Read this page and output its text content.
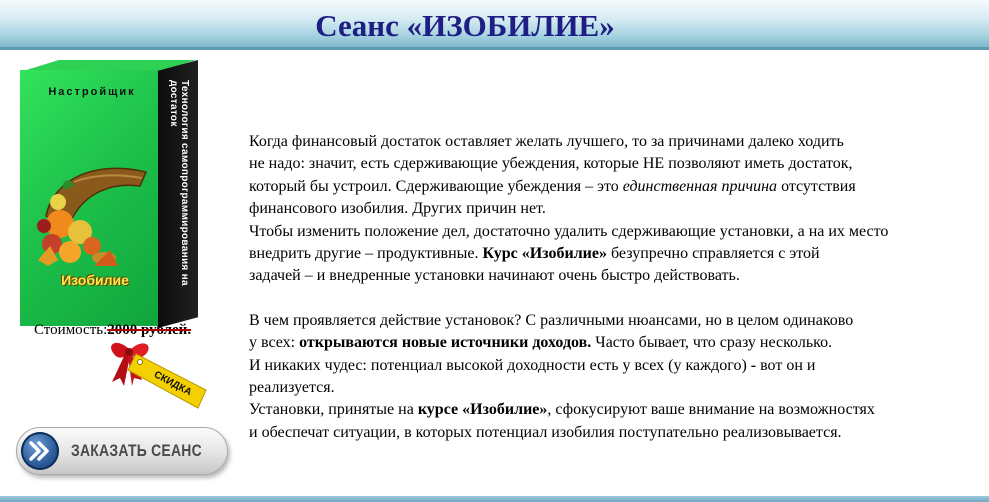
Сеанс «ИЗОБИЛИЕ»
Технология самопрограммирования на достаток
Настройщик
Изобилие
Стоимость:2000 рублей.
СКИДКА
ЗАКАЗАТЬ СЕАНС

Когда финансовый достаток оставляет желать лучшего, то за причинами далеко ходить
не надо: значит, есть сдерживающие убеждения, которые НЕ позволяют иметь достаток,
который бы устроил. Сдерживающие убеждения – это единственная причина отсутствия
финансового изобилия. Других причин нет.

Чтобы изменить положение дел, достаточно удалить сдерживающие установки, а на их место
внедрить другие – продуктивные. Курс «Изобилие» безупречно справляется с этой
задачей – и внедренные установки начинают очень быстро действовать.

В чем проявляется действие установок? С различными нюансами, но в целом одинаково
у всех: открываются новые источники доходов. Часто бывает, что сразу несколько.
И никаких чудес: потенциал высокой доходности есть у всех (у каждого) - вот он и
реализуется.

Установки, принятые на курсе «Изобилие», сфокусируют ваше внимание на возможностях
и обеспечат ситуации, в которых потенциал изобилия поступательно реализовывается.
